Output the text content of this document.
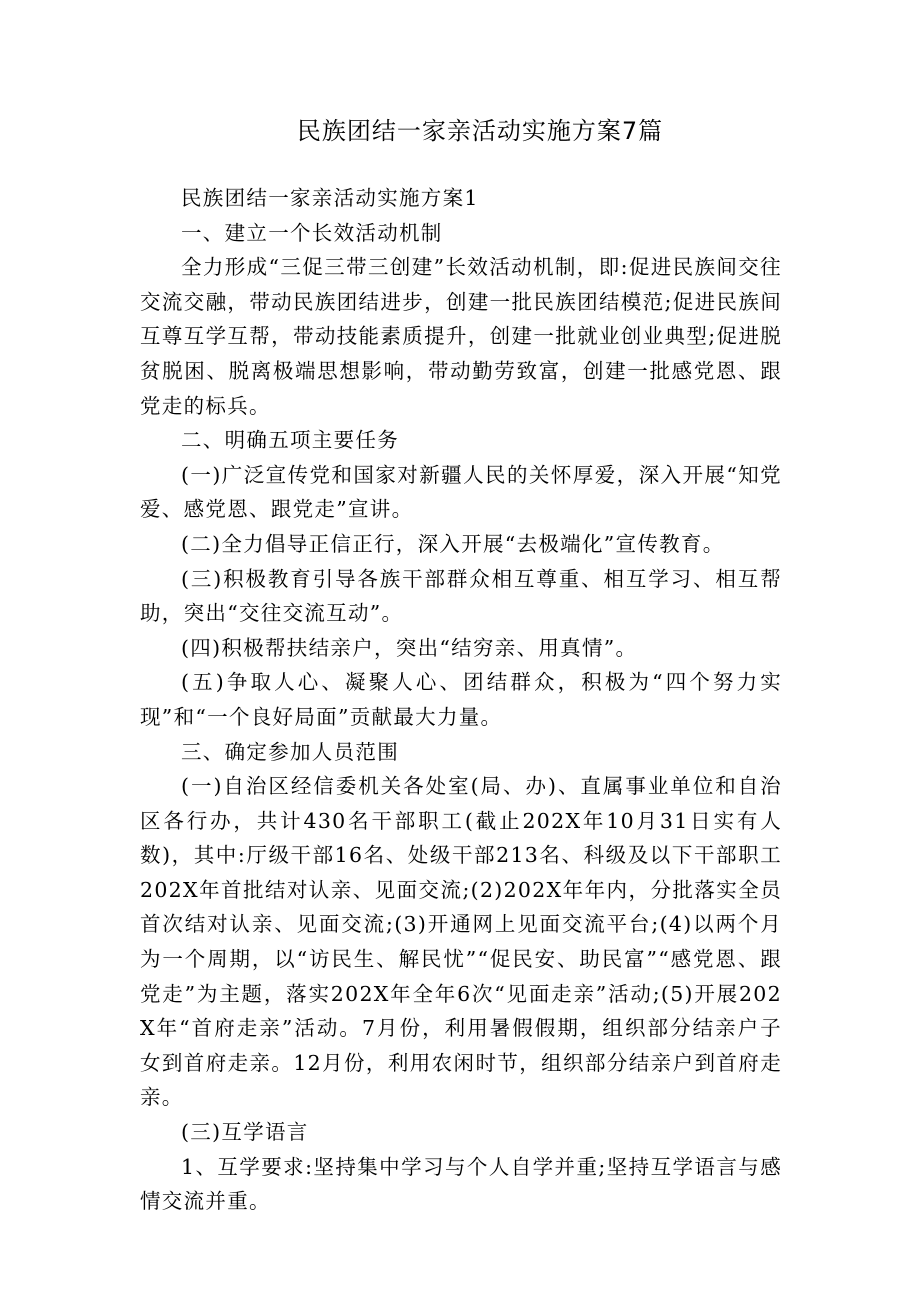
民族团结一家亲活动实施方案7篇

民族团结一家亲活动实施方案1

一、建立一个长效活动机制

全力形成“三促三带三创建”长效活动机制，即:促进民族间交往交流交融，带动民族团结进步，创建一批民族团结模范;促进民族间互尊互学互帮，带动技能素质提升，创建一批就业创业典型;促进脱贫脱困、脱离极端思想影响，带动勤劳致富，创建一批感党恩、跟党走的标兵。

二、明确五项主要任务

(一)广泛宣传党和国家对新疆人民的关怀厚爱，深入开展“知党爱、感党恩、跟党走”宣讲。

(二)全力倡导正信正行，深入开展“去极端化”宣传教育。

(三)积极教育引导各族干部群众相互尊重、相互学习、相互帮助，突出“交往交流互动”。

(四)积极帮扶结亲户，突出“结穷亲、用真情”。

(五)争取人心、凝聚人心、团结群众，积极为“四个努力实现”和“一个良好局面”贡献最大力量。

三、确定参加人员范围

(一)自治区经信委机关各处室(局、办)、直属事业单位和自治区各行办，共计430名干部职工(截止202X年10月31日实有人数)，其中:厅级干部16名、处级干部213名、科级及以下干部职工202X年首批结对认亲、见面交流;(2)202X年年内，分批落实全员首次结对认亲、见面交流;(3)开通网上见面交流平台;(4)以两个月为一个周期，以“访民生、解民忧”“促民安、助民富”“感党恩、跟党走”为主题，落实202X年全年6次“见面走亲”活动;(5)开展202X年“首府走亲”活动。7月份，利用暑假假期，组织部分结亲户子女到首府走亲。12月份，利用农闲时节，组织部分结亲户到首府走亲。

(三)互学语言

1、互学要求:坚持集中学习与个人自学并重;坚持互学语言与感情交流并重。
